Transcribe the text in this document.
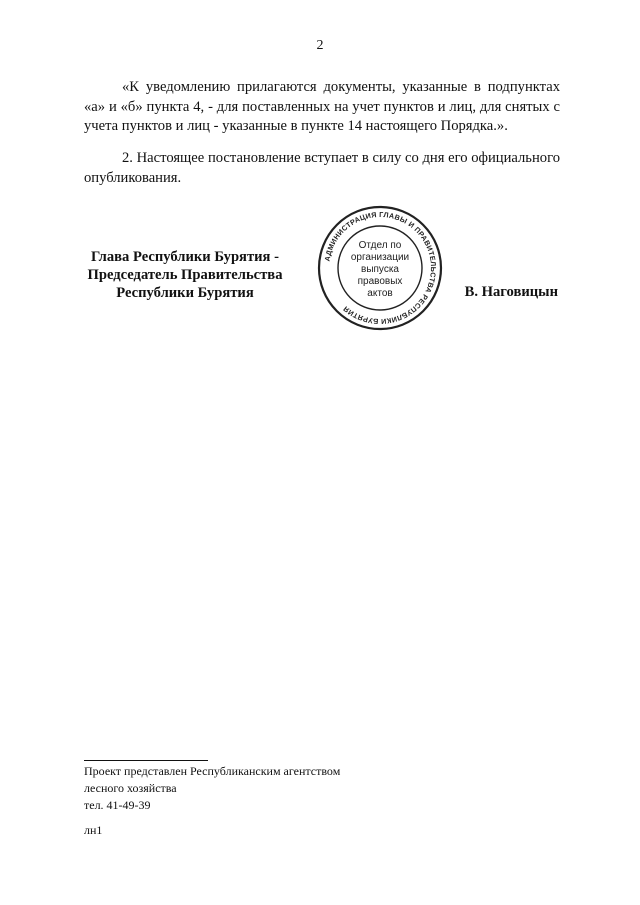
2
«К уведомлению прилагаются документы, указанные в подпунктах «а» и «б» пункта 4, - для поставленных на учет пунктов и лиц, для снятых с учета пунктов и лиц - указанные в пункте 14 настоящего Порядка.».
2. Настоящее постановление вступает в силу со дня его официального опубликования.
Глава Республики Бурятия -
Председатель Правительства
Республики Бурятия
АДМИНИСТРАЦИЯ ГЛАВЫ И ПРАВИТЕЛЬСТВА РЕСПУБЛИКИ БУРЯТИЯ
Отдел по
организации
выпуска
правовых
актов	В. Наговицын
Проект представлен Республиканским агентством
лесного хозяйства
тел. 41-49-39
лн1
